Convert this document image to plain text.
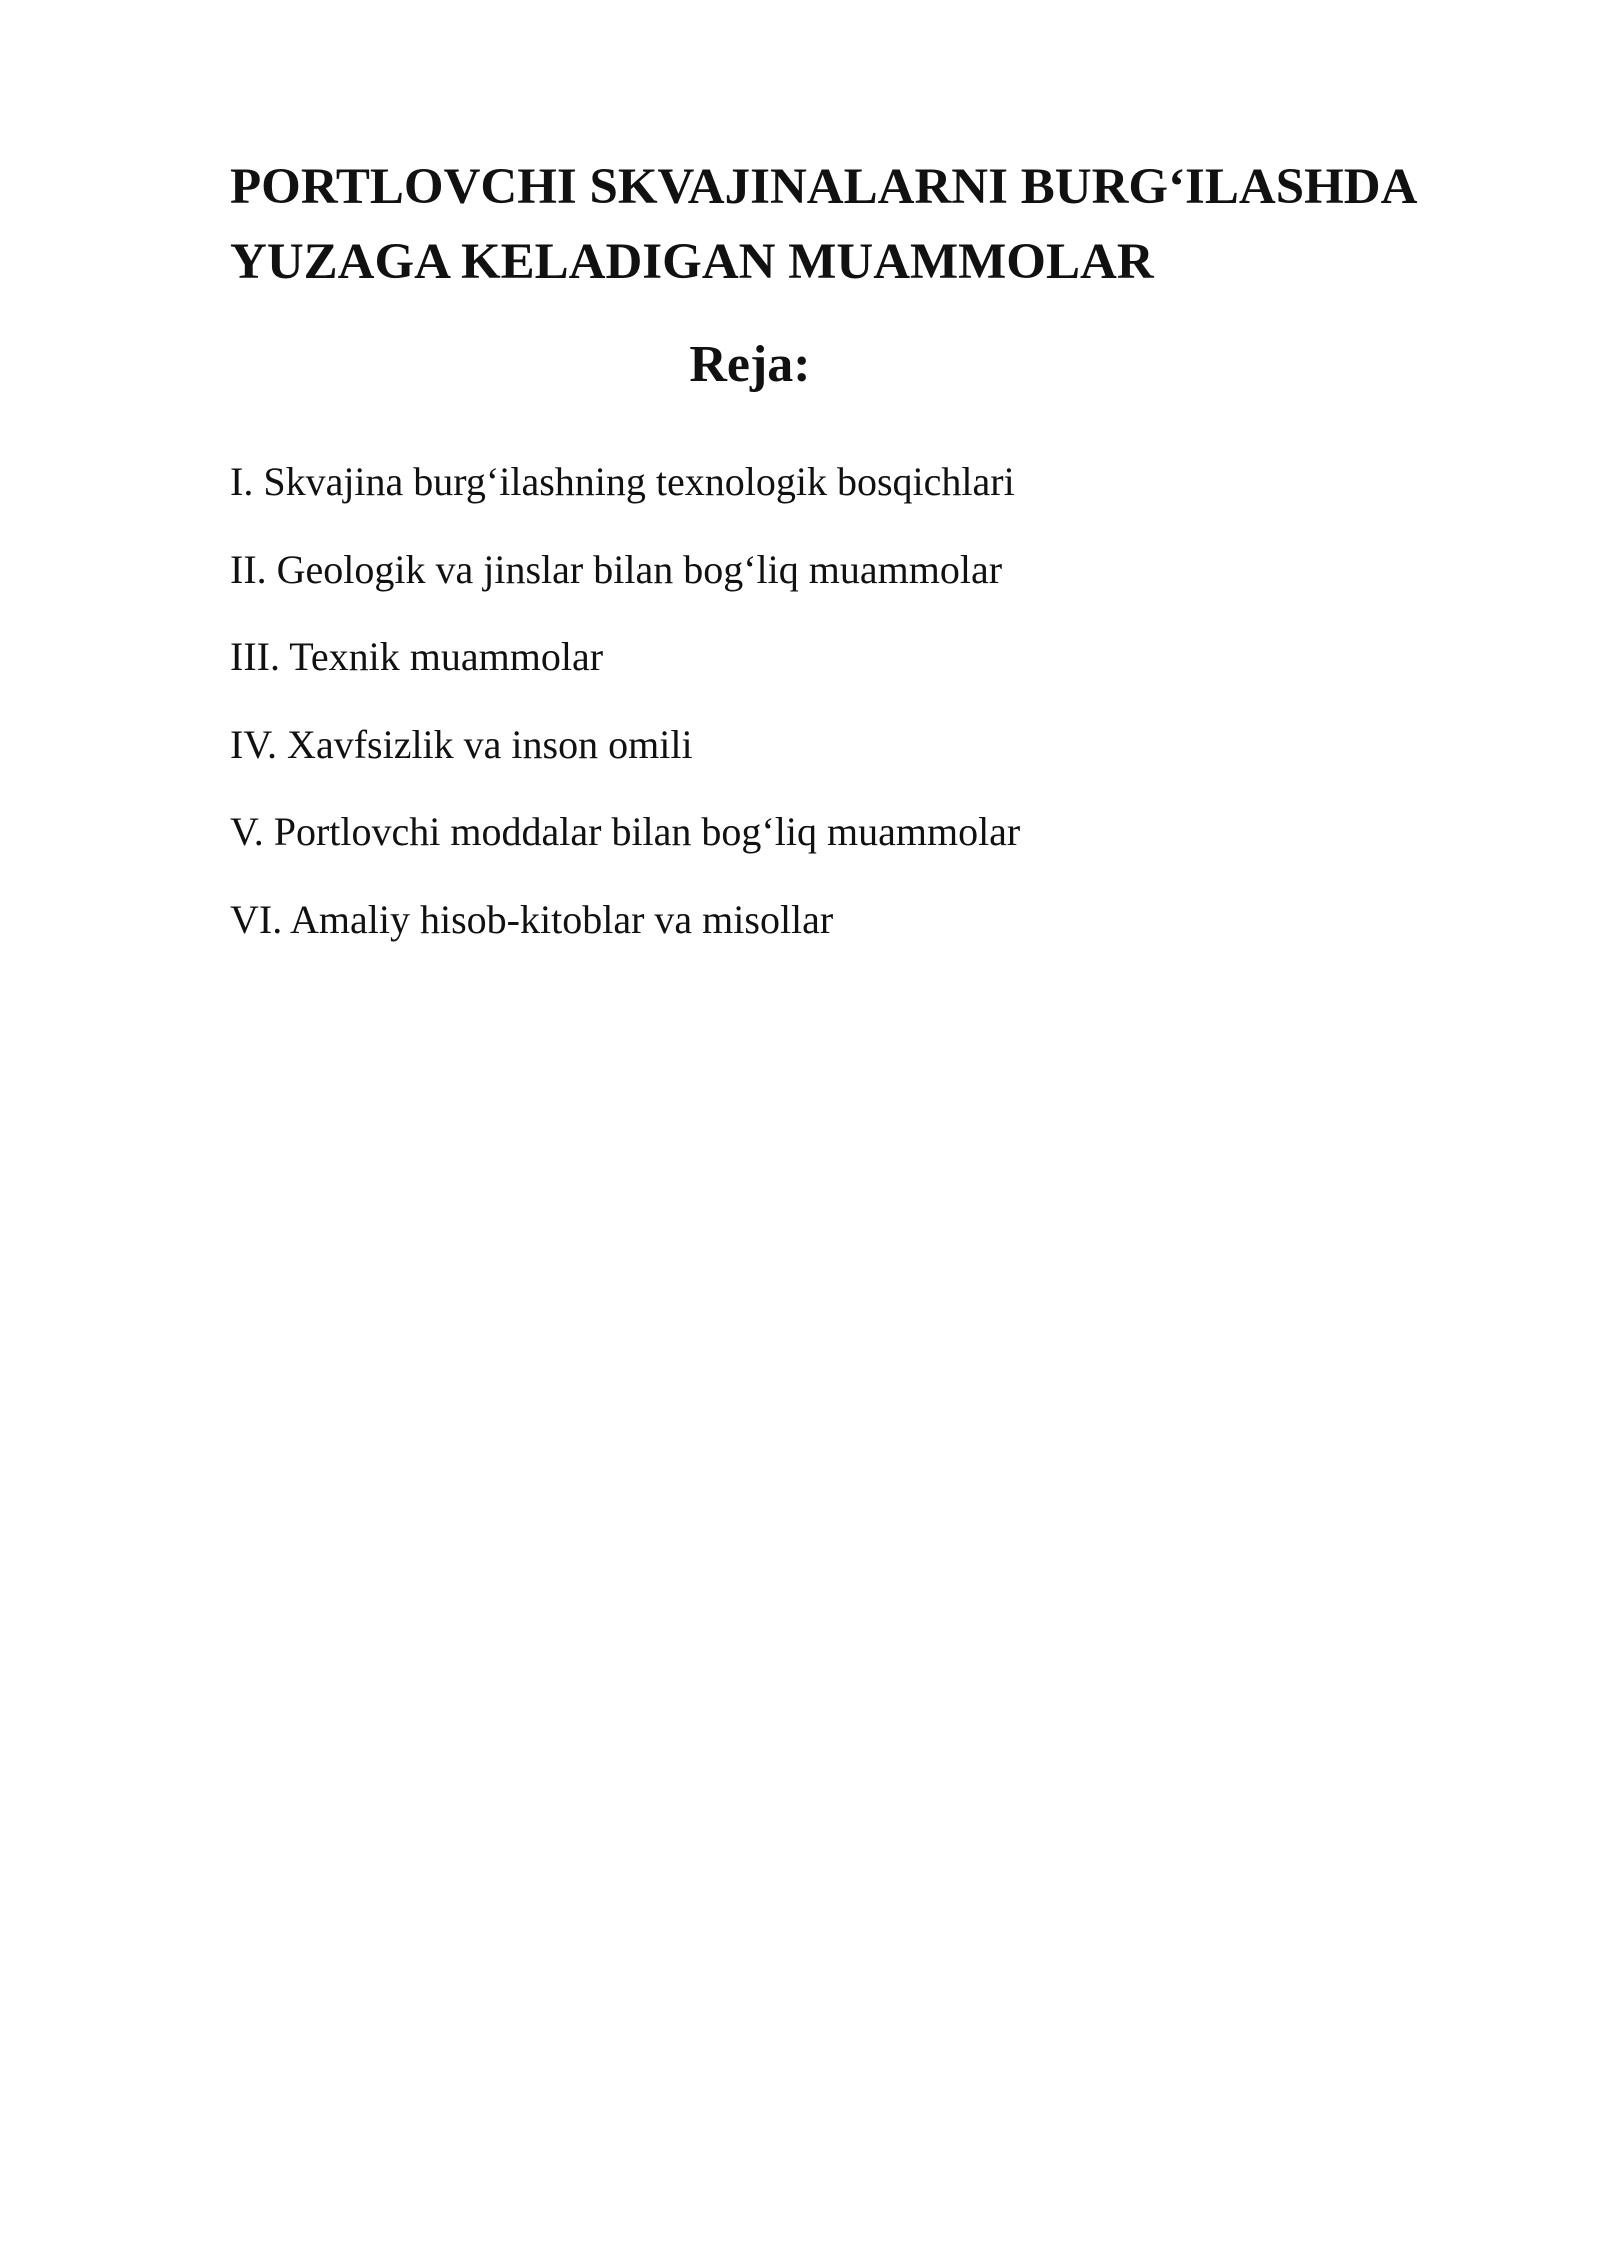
PORTLOVCHI SKVAJINALARNI BURG‘ILASHDA
YUZAGA KELADIGAN MUAMMOLAR
Reja:
I. Skvajina burg‘ilashning texnologik bosqichlari
II. Geologik va jinslar bilan bog‘liq muammolar
III. Texnik muammolar
IV. Xavfsizlik va inson omili
V. Portlovchi moddalar bilan bog‘liq muammolar
VI. Amaliy hisob-kitoblar va misollar
